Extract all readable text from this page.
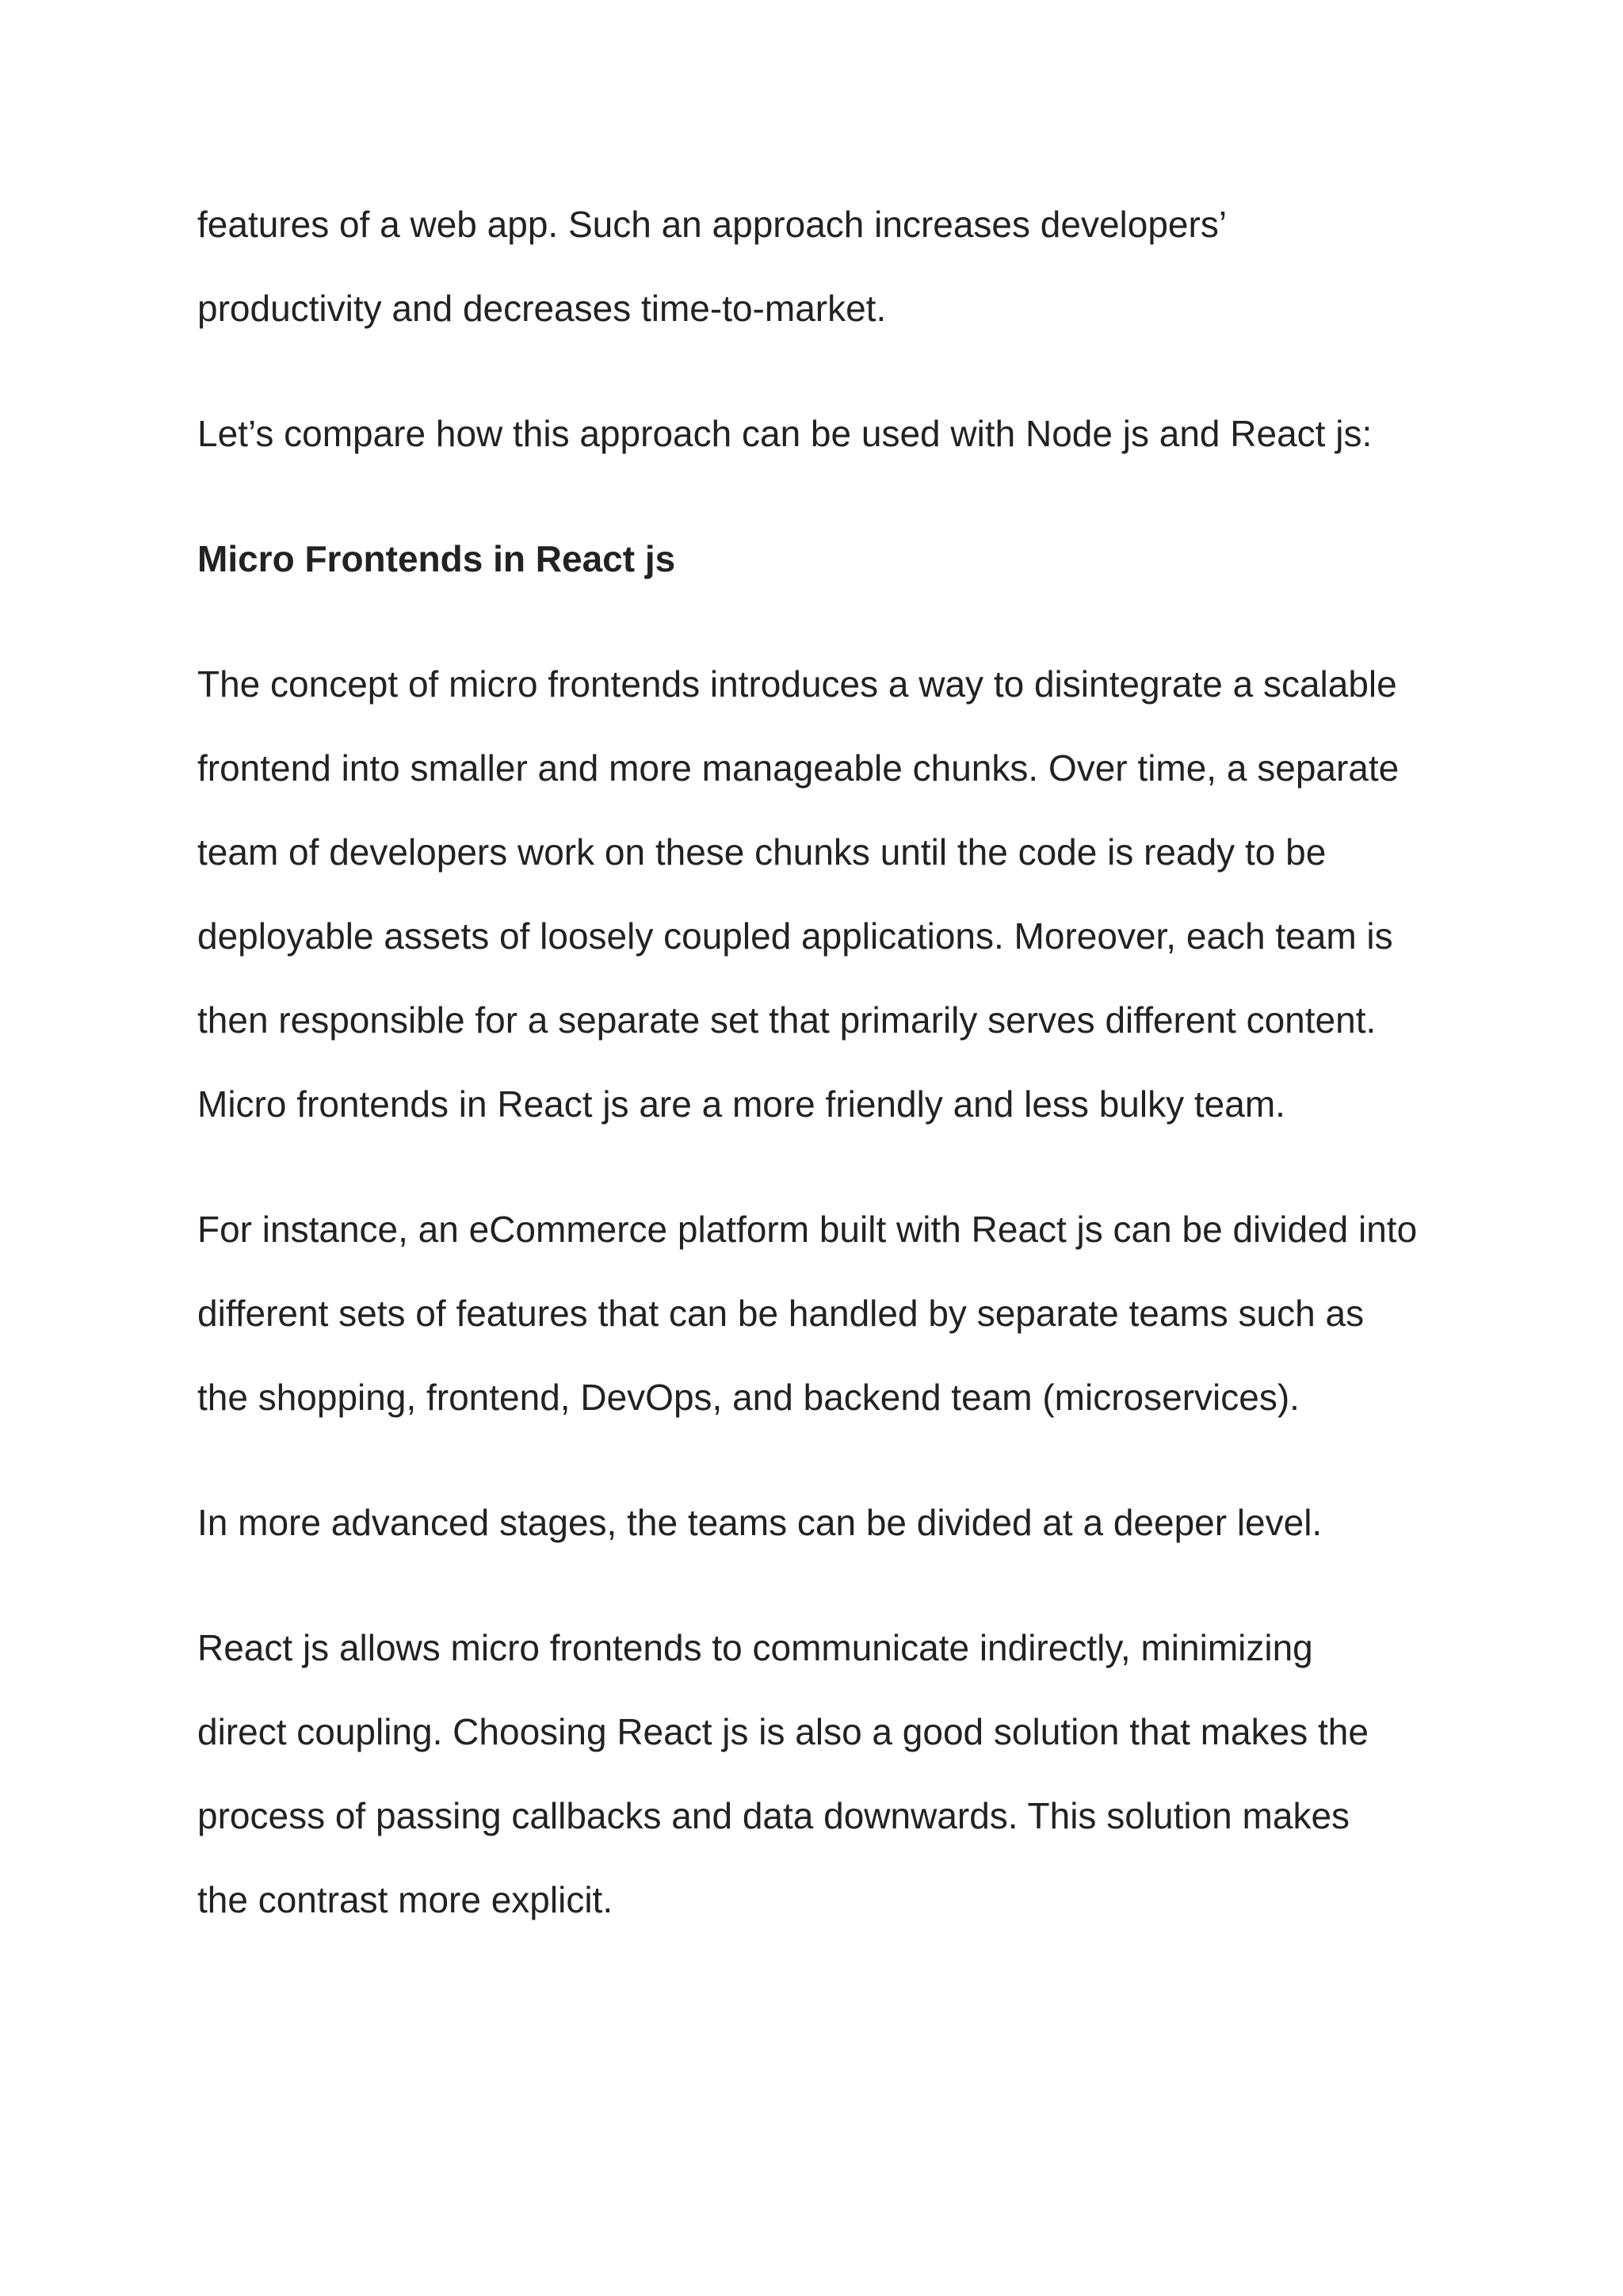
features of a web app. Such an approach increases developers’
productivity and decreases time-to-market.

Let’s compare how this approach can be used with Node js and React js:

Micro Frontends in React js

The concept of micro frontends introduces a way to disintegrate a scalable
frontend into smaller and more manageable chunks. Over time, a separate
team of developers work on these chunks until the code is ready to be
deployable assets of loosely coupled applications. Moreover, each team is
then responsible for a separate set that primarily serves different content.
Micro frontends in React js are a more friendly and less bulky team.

For instance, an eCommerce platform built with React js can be divided into
different sets of features that can be handled by separate teams such as
the shopping, frontend, DevOps, and backend team (microservices).

In more advanced stages, the teams can be divided at a deeper level.

React js allows micro frontends to communicate indirectly, minimizing
direct coupling. Choosing React js is also a good solution that makes the
process of passing callbacks and data downwards. This solution makes
the contrast more explicit.
